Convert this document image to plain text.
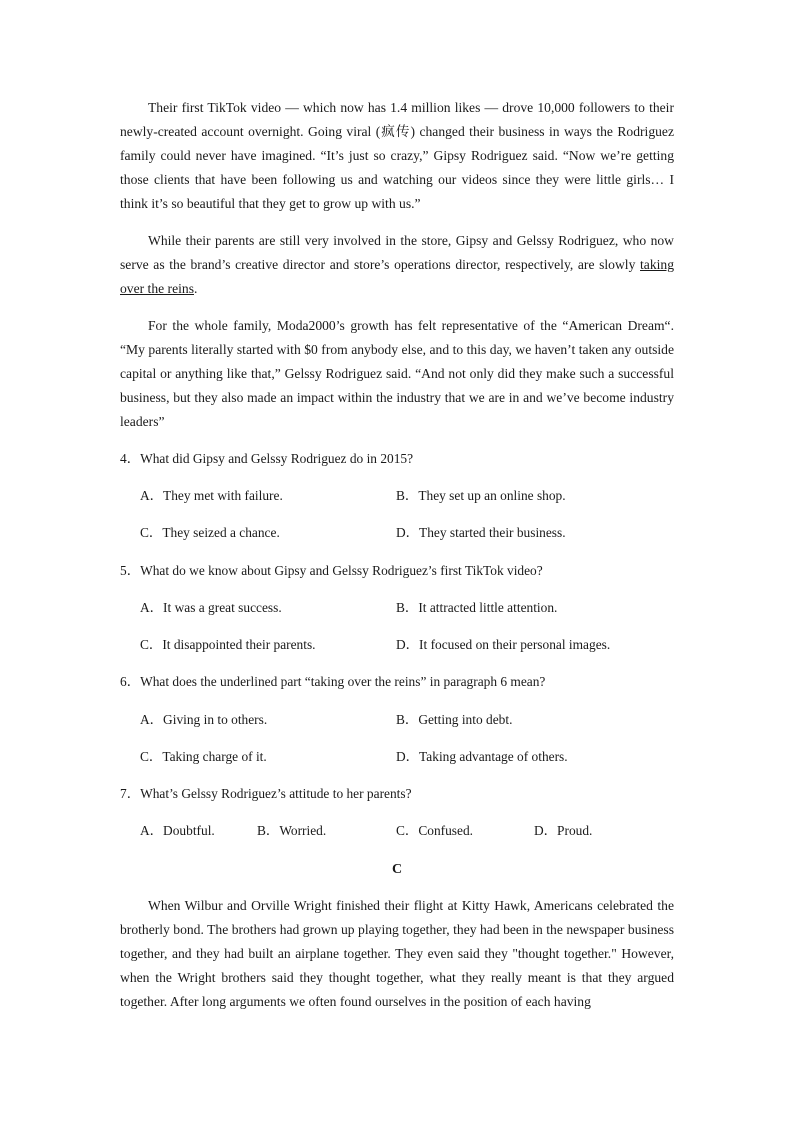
Their first TikTok video — which now has 1.4 million likes — drove 10,000 followers to their newly-created account overnight. Going viral (疯传) changed their business in ways the Rodriguez family could never have imagined. “It’s just so crazy,” Gipsy Rodriguez said. “Now we’re getting those clients that have been following us and watching our videos since they were little girls… I think it’s so beautiful that they get to grow up with us.”

While their parents are still very involved in the store, Gipsy and Gelssy Rodriguez, who now serve as the brand’s creative director and store’s operations director, respectively, are slowly taking over the reins.

For the whole family, Moda2000’s growth has felt representative of the “American Dream“. “My parents literally started with $0 from anybody else, and to this day, we haven’t taken any outside capital or anything like that,” Gelssy Rodriguez said. “And not only did they make such a successful business, but they also made an impact within the industry that we are in and we’ve become industry leaders”

4．What did Gipsy and Gelssy Rodriguez do in 2015?
A．They met with failure.	B．They set up an online shop.
C．They seized a chance.	D．They started their business.
5．What do we know about Gipsy and Gelssy Rodriguez’s first TikTok video?
A．It was a great success.	B．It attracted little attention.
C．It disappointed their parents.	D．It focused on their personal images.
6．What does the underlined part “taking over the reins” in paragraph 6 mean?
A．Giving in to others.	B．Getting into debt.
C．Taking charge of it.	D．Taking advantage of others.
7．What’s Gelssy Rodriguez’s attitude to her parents?
A．Doubtful.	B．Worried.	C．Confused.	D．Proud.
C

When Wilbur and Orville Wright finished their flight at Kitty Hawk, Americans celebrated the brotherly bond. The brothers had grown up playing together, they had been in the newspaper business together, and they had built an airplane together. They even said they "thought together." However, when the Wright brothers said they thought together, what they really meant is that they argued together. After long arguments we often found ourselves in the position of each having
